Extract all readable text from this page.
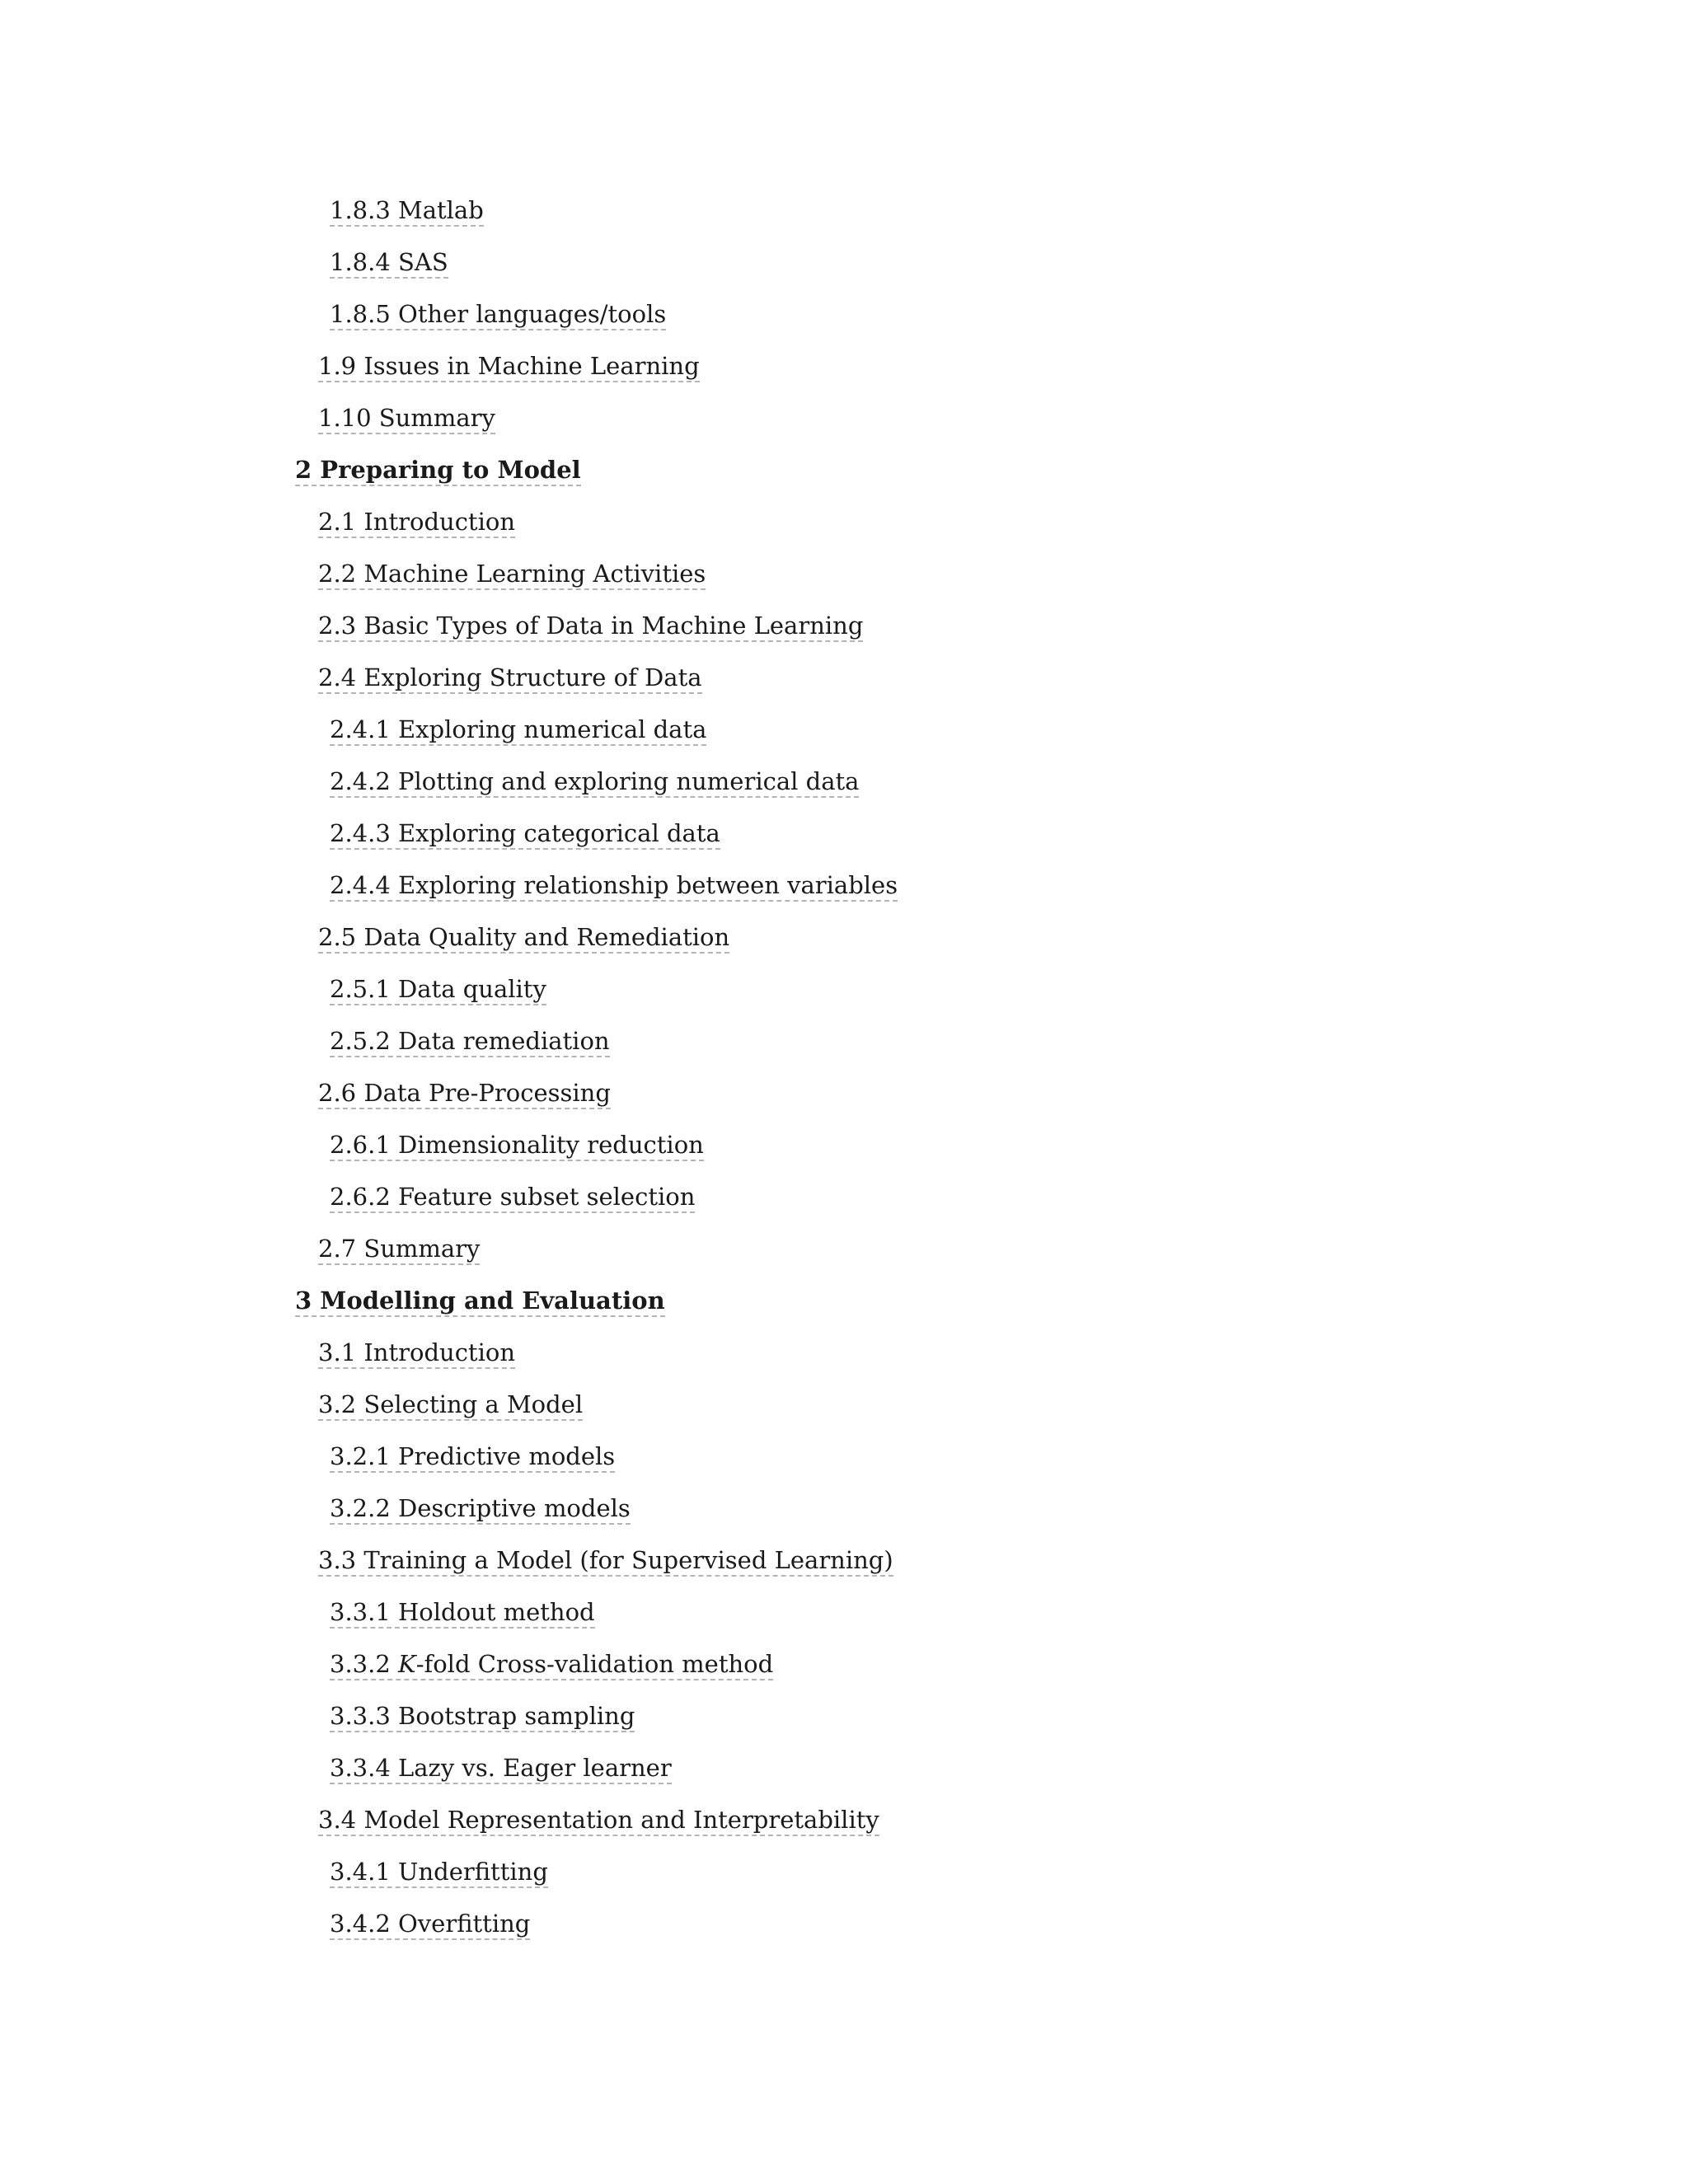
1.8.3 Matlab
1.8.4 SAS
1.8.5 Other languages/tools
1.9 Issues in Machine Learning
1.10 Summary
2 Preparing to Model
2.1 Introduction
2.2 Machine Learning Activities
2.3 Basic Types of Data in Machine Learning
2.4 Exploring Structure of Data
2.4.1 Exploring numerical data
2.4.2 Plotting and exploring numerical data
2.4.3 Exploring categorical data
2.4.4 Exploring relationship between variables
2.5 Data Quality and Remediation
2.5.1 Data quality
2.5.2 Data remediation
2.6 Data Pre-Processing
2.6.1 Dimensionality reduction
2.6.2 Feature subset selection
2.7 Summary
3 Modelling and Evaluation
3.1 Introduction
3.2 Selecting a Model
3.2.1 Predictive models
3.2.2 Descriptive models
3.3 Training a Model (for Supervised Learning)
3.3.1 Holdout method
3.3.2 K-fold Cross-validation method
3.3.3 Bootstrap sampling
3.3.4 Lazy vs. Eager learner
3.4 Model Representation and Interpretability
3.4.1 Underfitting
3.4.2 Overfitting
